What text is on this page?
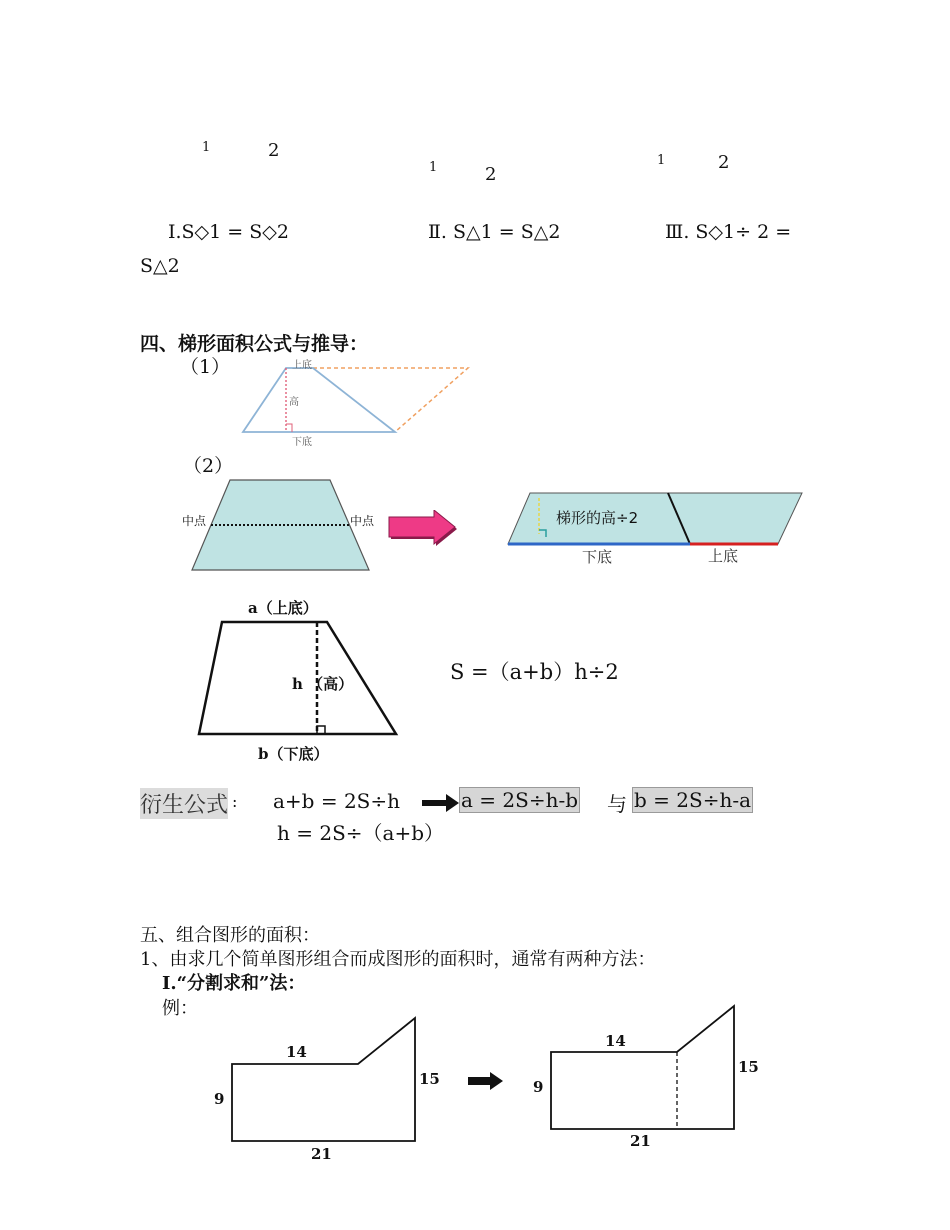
1	2
1	2
1	2
Ⅰ.S◇1 = S◇2	Ⅱ. S△1 = S△2	Ⅲ. S◇1÷ 2 =
S△2
四、梯形面积公式与推导：
（1）	上底
高
下底
（2）
中点	中点	梯形的高÷2
下底	上底
a（上底）
h （高）
b（下底）
S =（a+b）h÷2
衍生公式 : a+b = 2S÷h	a = 2S÷h-b 与 b = 2S÷h-a
h = 2S÷（a+b）
五、组合图形的面积：
1、由求几个简单图形组合而成图形的面积时，通常有两种方法：
Ⅰ.“分割求和”法：
例：
14
9
15
21
14
9
15
21
